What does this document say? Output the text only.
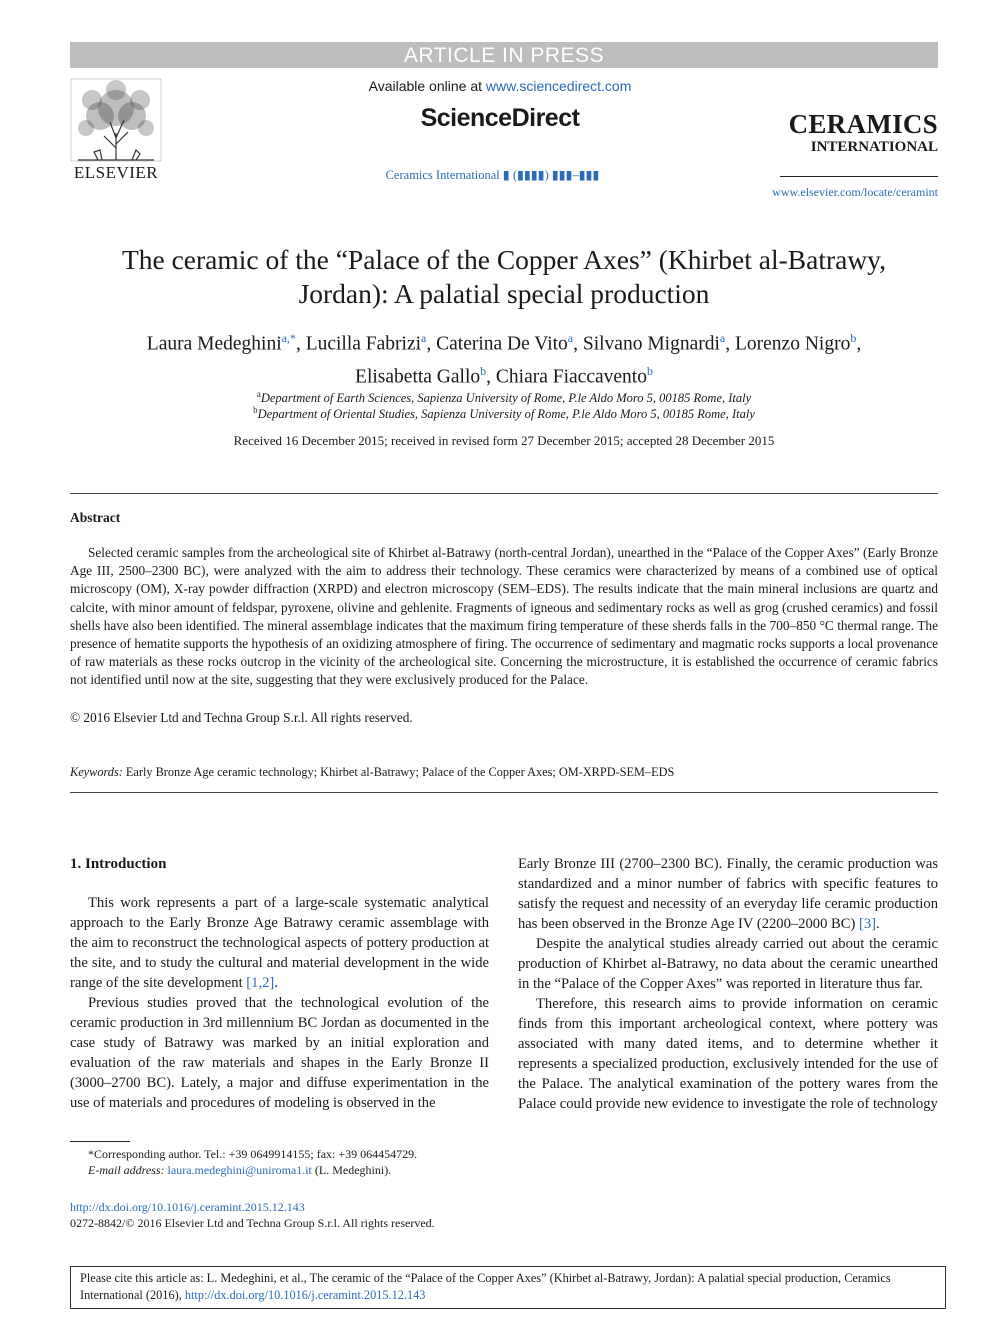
ARTICLE IN PRESS
ELSEVIER
Available online at www.sciencedirect.com
ScienceDirect
Ceramics International ▮ (▮▮▮▮) ▮▮▮–▮▮▮
CERAMICS
INTERNATIONAL
www.elsevier.com/locate/ceramint
The ceramic of the “Palace of the Copper Axes” (Khirbet al-Batrawy,
Jordan): A palatial special production
Laura Medeghini$^{a,*}$, Lucilla Fabrizi$^a$, Caterina De Vito$^a$, Silvano Mignardi$^a$, Lorenzo Nigro$^b$,
Elisabetta Gallo$^b$, Chiara Fiaccavento$^b$
$^a$Department of Earth Sciences, Sapienza University of Rome, P.le Aldo Moro 5, 00185 Rome, Italy
$^b$Department of Oriental Studies, Sapienza University of Rome, P.le Aldo Moro 5, 00185 Rome, Italy
Received 16 December 2015; received in revised form 27 December 2015; accepted 28 December 2015
Abstract
Selected ceramic samples from the archeological site of Khirbet al-Batrawy (north-central Jordan), unearthed in the “Palace of the Copper Axes” (Early Bronze Age III, 2500–2300 BC), were analyzed with the aim to address their technology. These ceramics were characterized by means of a combined use of optical microscopy (OM), X-ray powder diffraction (XRPD) and electron microscopy (SEM–EDS). The results indicate that the main mineral inclusions are quartz and calcite, with minor amount of feldspar, pyroxene, olivine and gehlenite. Fragments of igneous and sedimentary rocks as well as grog (crushed ceramics) and fossil shells have also been identified. The mineral assemblage indicates that the maximum firing temperature of these sherds falls in the 700–850 °C thermal range. The presence of hematite supports the hypothesis of an oxidizing atmosphere of firing. The occurrence of sedimentary and magmatic rocks supports a local provenance of raw materials as these rocks outcrop in the vicinity of the archeological site. Concerning the microstructure, it is established the occurrence of ceramic fabrics not identified until now at the site, suggesting that they were exclusively produced for the Palace.
© 2016 Elsevier Ltd and Techna Group S.r.l. All rights reserved.
Keywords: Early Bronze Age ceramic technology; Khirbet al-Batrawy; Palace of the Copper Axes; OM-XRPD-SEM–EDS
1. Introduction

This work represents a part of a large-scale systematic analytical approach to the Early Bronze Age Batrawy ceramic assemblage with the aim to reconstruct the technological aspects of pottery production at the site, and to study the cultural and material development in the wide range of the site development [1,2].

Previous studies proved that the technological evolution of the ceramic production in 3rd millennium BC Jordan as documented in the case study of Batrawy was marked by an initial exploration and evaluation of the raw materials and shapes in the Early Bronze II (3000–2700 BC). Lately, a major and diffuse experimentation in the use of materials and procedures of modeling is observed in the

Early Bronze III (2700–2300 BC). Finally, the ceramic production was standardized and a minor number of fabrics with specific features to satisfy the request and necessity of an everyday life ceramic production has been observed in the Bronze Age IV (2200–2000 BC) [3].

Despite the analytical studies already carried out about the ceramic production of Khirbet al-Batrawy, no data about the ceramic unearthed in the “Palace of the Copper Axes” was reported in literature thus far.

Therefore, this research aims to provide information on ceramic finds from this important archeological context, where pottery was associated with many dated items, and to determine whether it represents a specialized production, exclusively intended for the use of the Palace. The analytical examination of the pottery wares from the Palace could provide new evidence to investigate the role of technology

*Corresponding author. Tel.: +39 0649914155; fax: +39 064454729.
E-mail address: laura.medeghini@uniroma1.it (L. Medeghini).
http://dx.doi.org/10.1016/j.ceramint.2015.12.143
0272-8842/© 2016 Elsevier Ltd and Techna Group S.r.l. All rights reserved.
Please cite this article as: L. Medeghini, et al., The ceramic of the “Palace of the Copper Axes” (Khirbet al-Batrawy, Jordan): A palatial special production, Ceramics International (2016), http://dx.doi.org/10.1016/j.ceramint.2015.12.143
